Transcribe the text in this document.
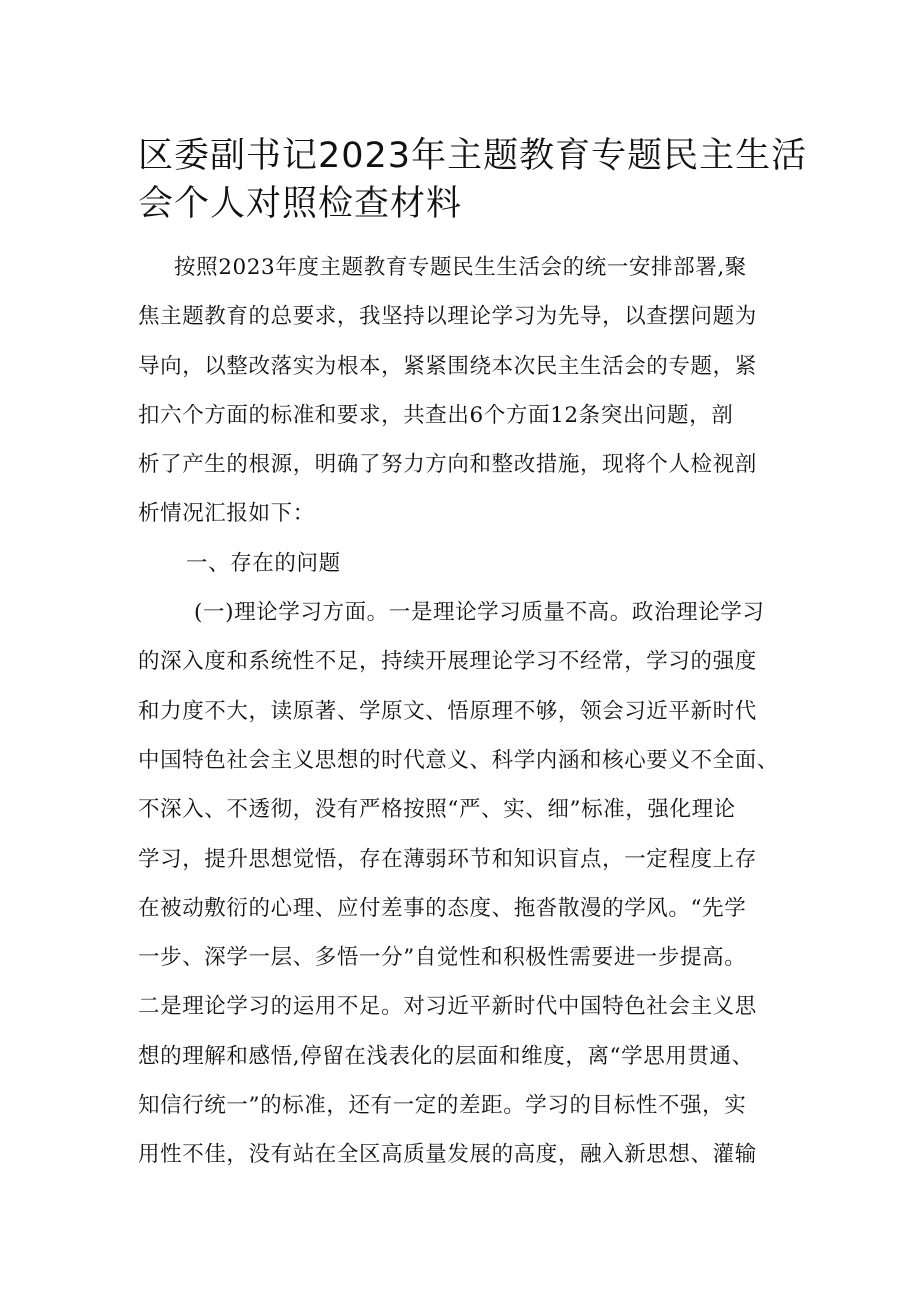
区委副书记2023年主题教育专题民主生活
会个人对照检查材料
按照2023年度主题教育专题民生生活会的统一安排部署,聚
焦主题教育的总要求，我坚持以理论学习为先导，以查摆问题为
导向，以整改落实为根本，紧紧围绕本次民主生活会的专题，紧
扣六个方面的标准和要求，共查出6个方面12条突出问题，剖
析了产生的根源，明确了努力方向和整改措施，现将个人检视剖
析情况汇报如下：
一、存在的问题
(一)理论学习方面。一是理论学习质量不高。政治理论学习
的深入度和系统性不足，持续开展理论学习不经常，学习的强度
和力度不大，读原著、学原文、悟原理不够，领会习近平新时代
中国特色社会主义思想的时代意义、科学内涵和核心要义不全面、
不深入、不透彻，没有严格按照“严、实、细”标准，强化理论
学习，提升思想觉悟，存在薄弱环节和知识盲点，一定程度上存
在被动敷衍的心理、应付差事的态度、拖沓散漫的学风。“先学
一步、深学一层、多悟一分”自觉性和积极性需要进一步提高。
二是理论学习的运用不足。对习近平新时代中国特色社会主义思
想的理解和感悟,停留在浅表化的层面和维度，离“学思用贯通、
知信行统一”的标准，还有一定的差距。学习的目标性不强，实
用性不佳，没有站在全区高质量发展的高度，融入新思想、灌输
